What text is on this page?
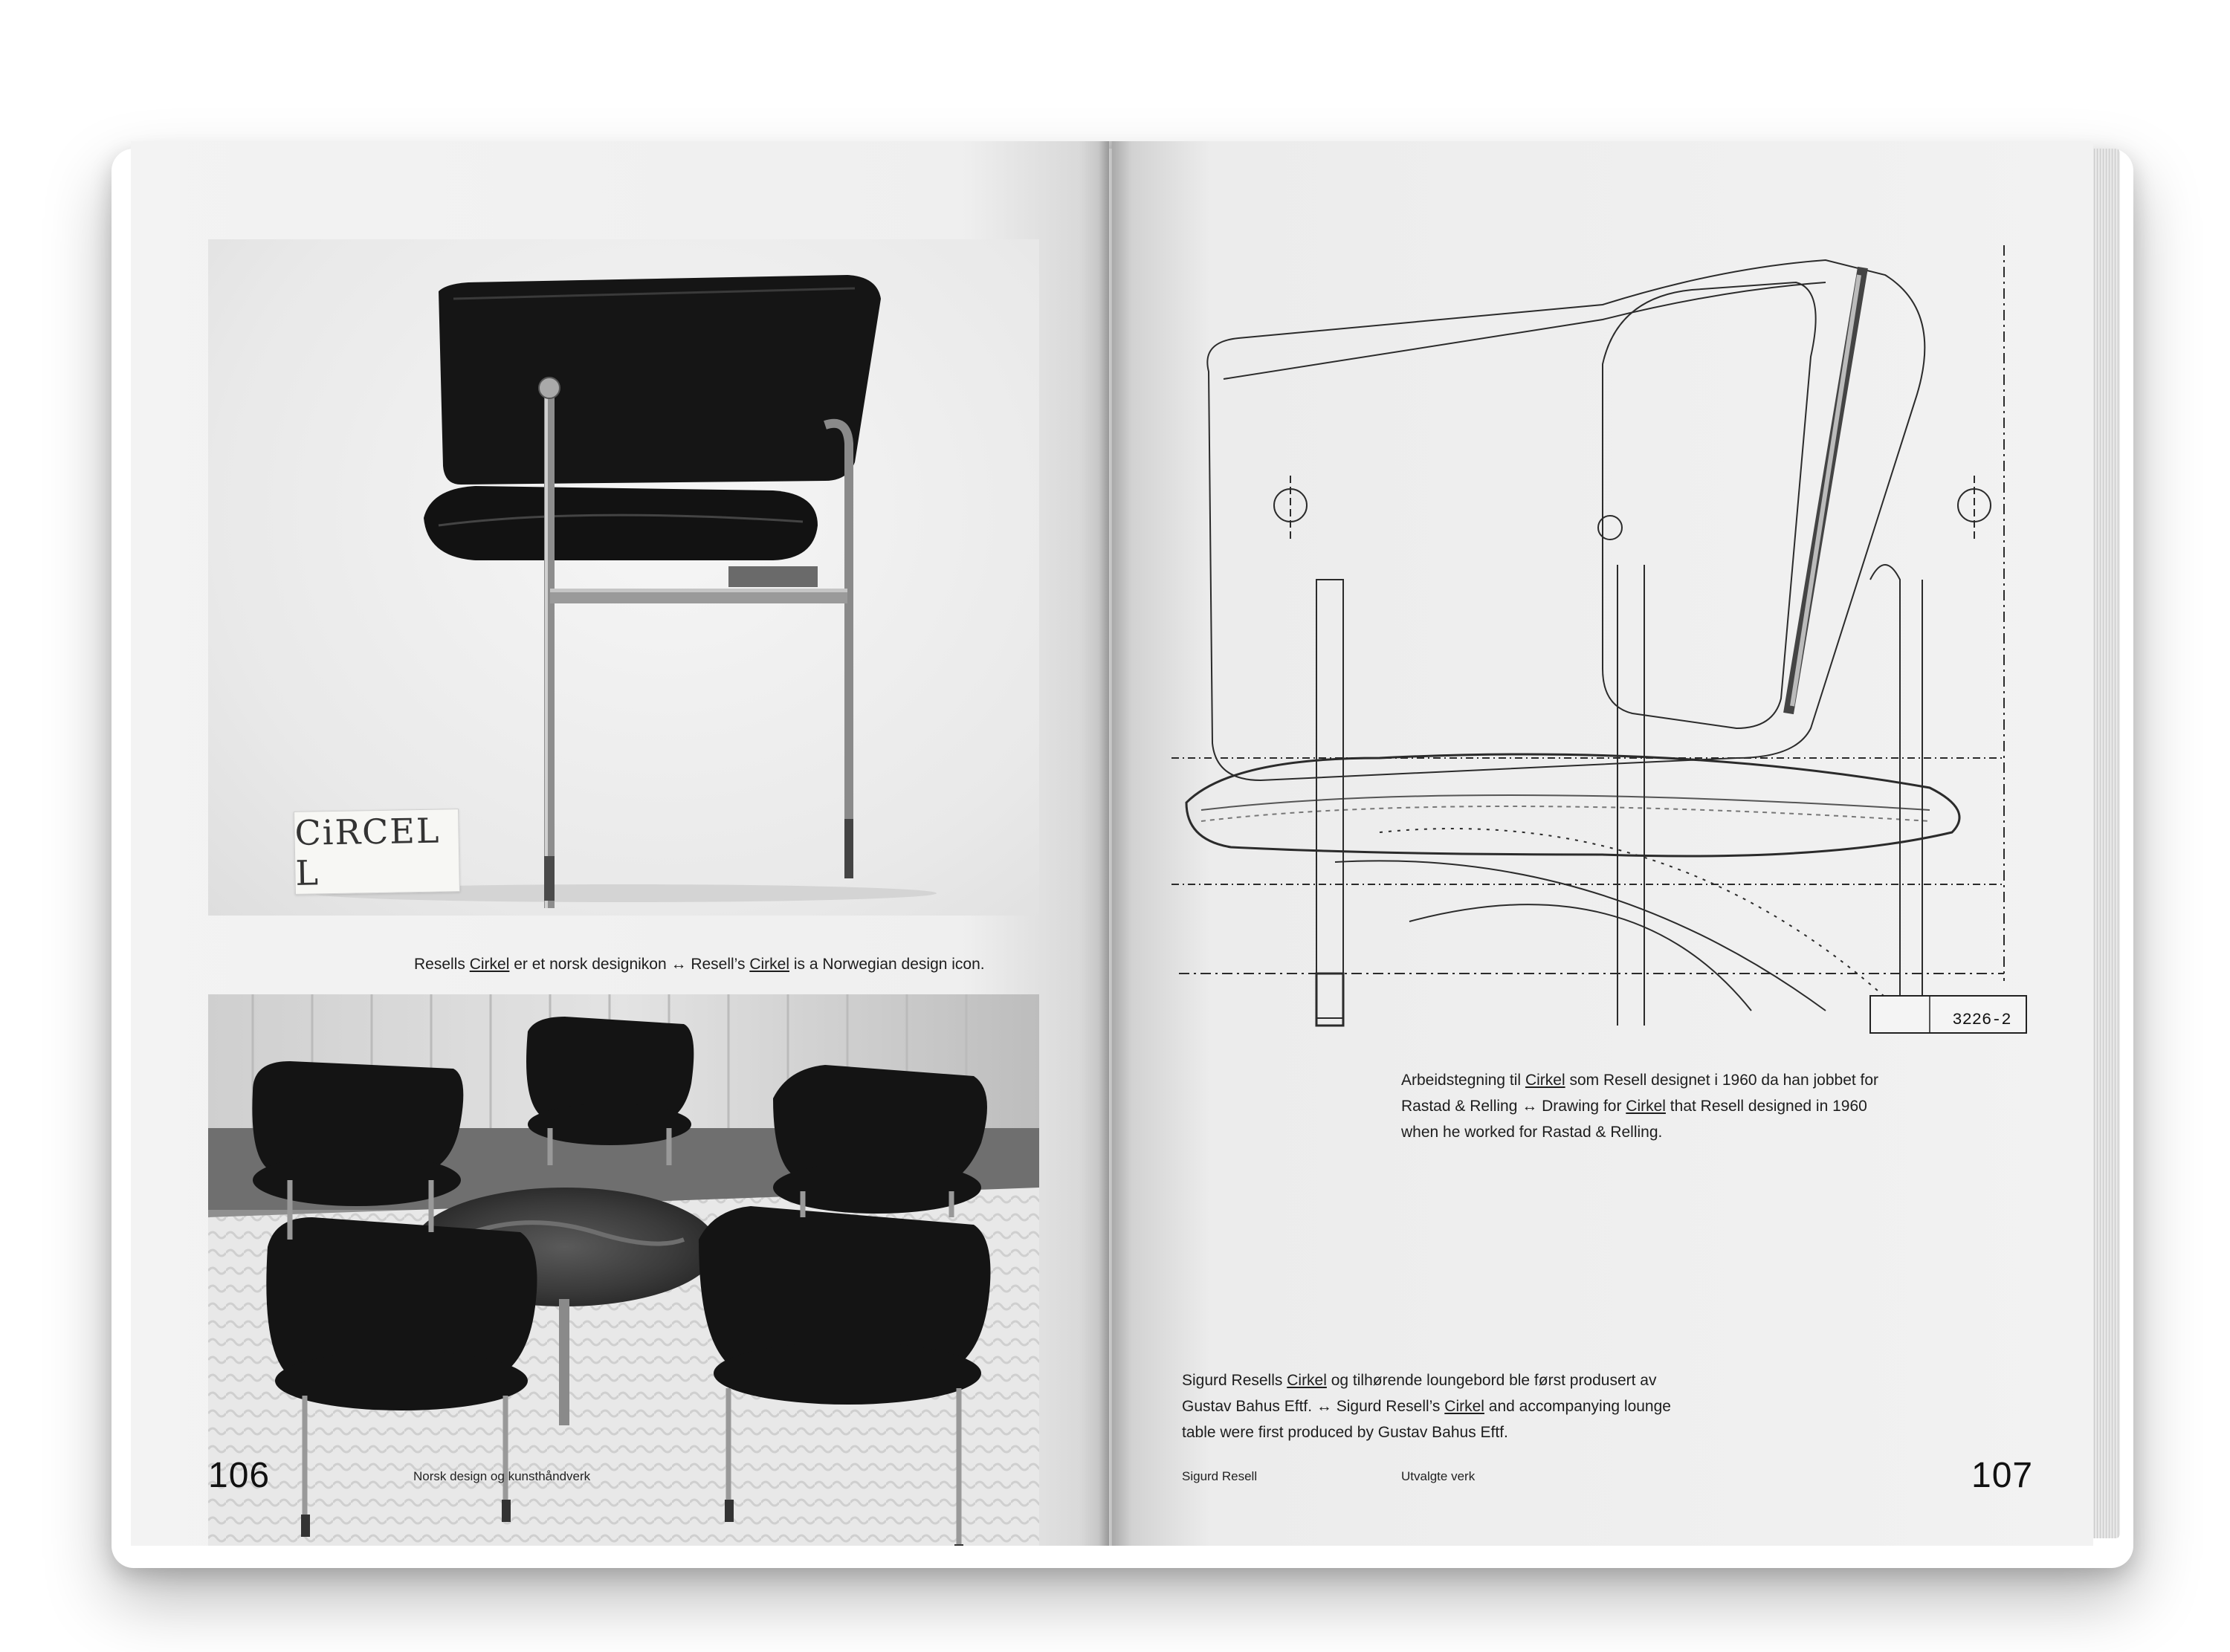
CiRCEL L
Resells Cirkel er et norsk designikon ↔ Resell’s Cirkel is a Norwegian design icon.
106	Norsk design og kunsthåndverk
3226-2
Arbeidstegning til Cirkel som Resell designet i 1960 da han jobbet for
Rastad & Relling ↔ Drawing for Cirkel that Resell designed in 1960
when he worked for Rastad & Relling.
Sigurd Resells Cirkel og tilhørende loungebord ble først produsert av
Gustav Bahus Eftf. ↔ Sigurd Resell’s Cirkel and accompanying lounge
table were first produced by Gustav Bahus Eftf.
Sigurd Resell	Utvalgte verk	107
